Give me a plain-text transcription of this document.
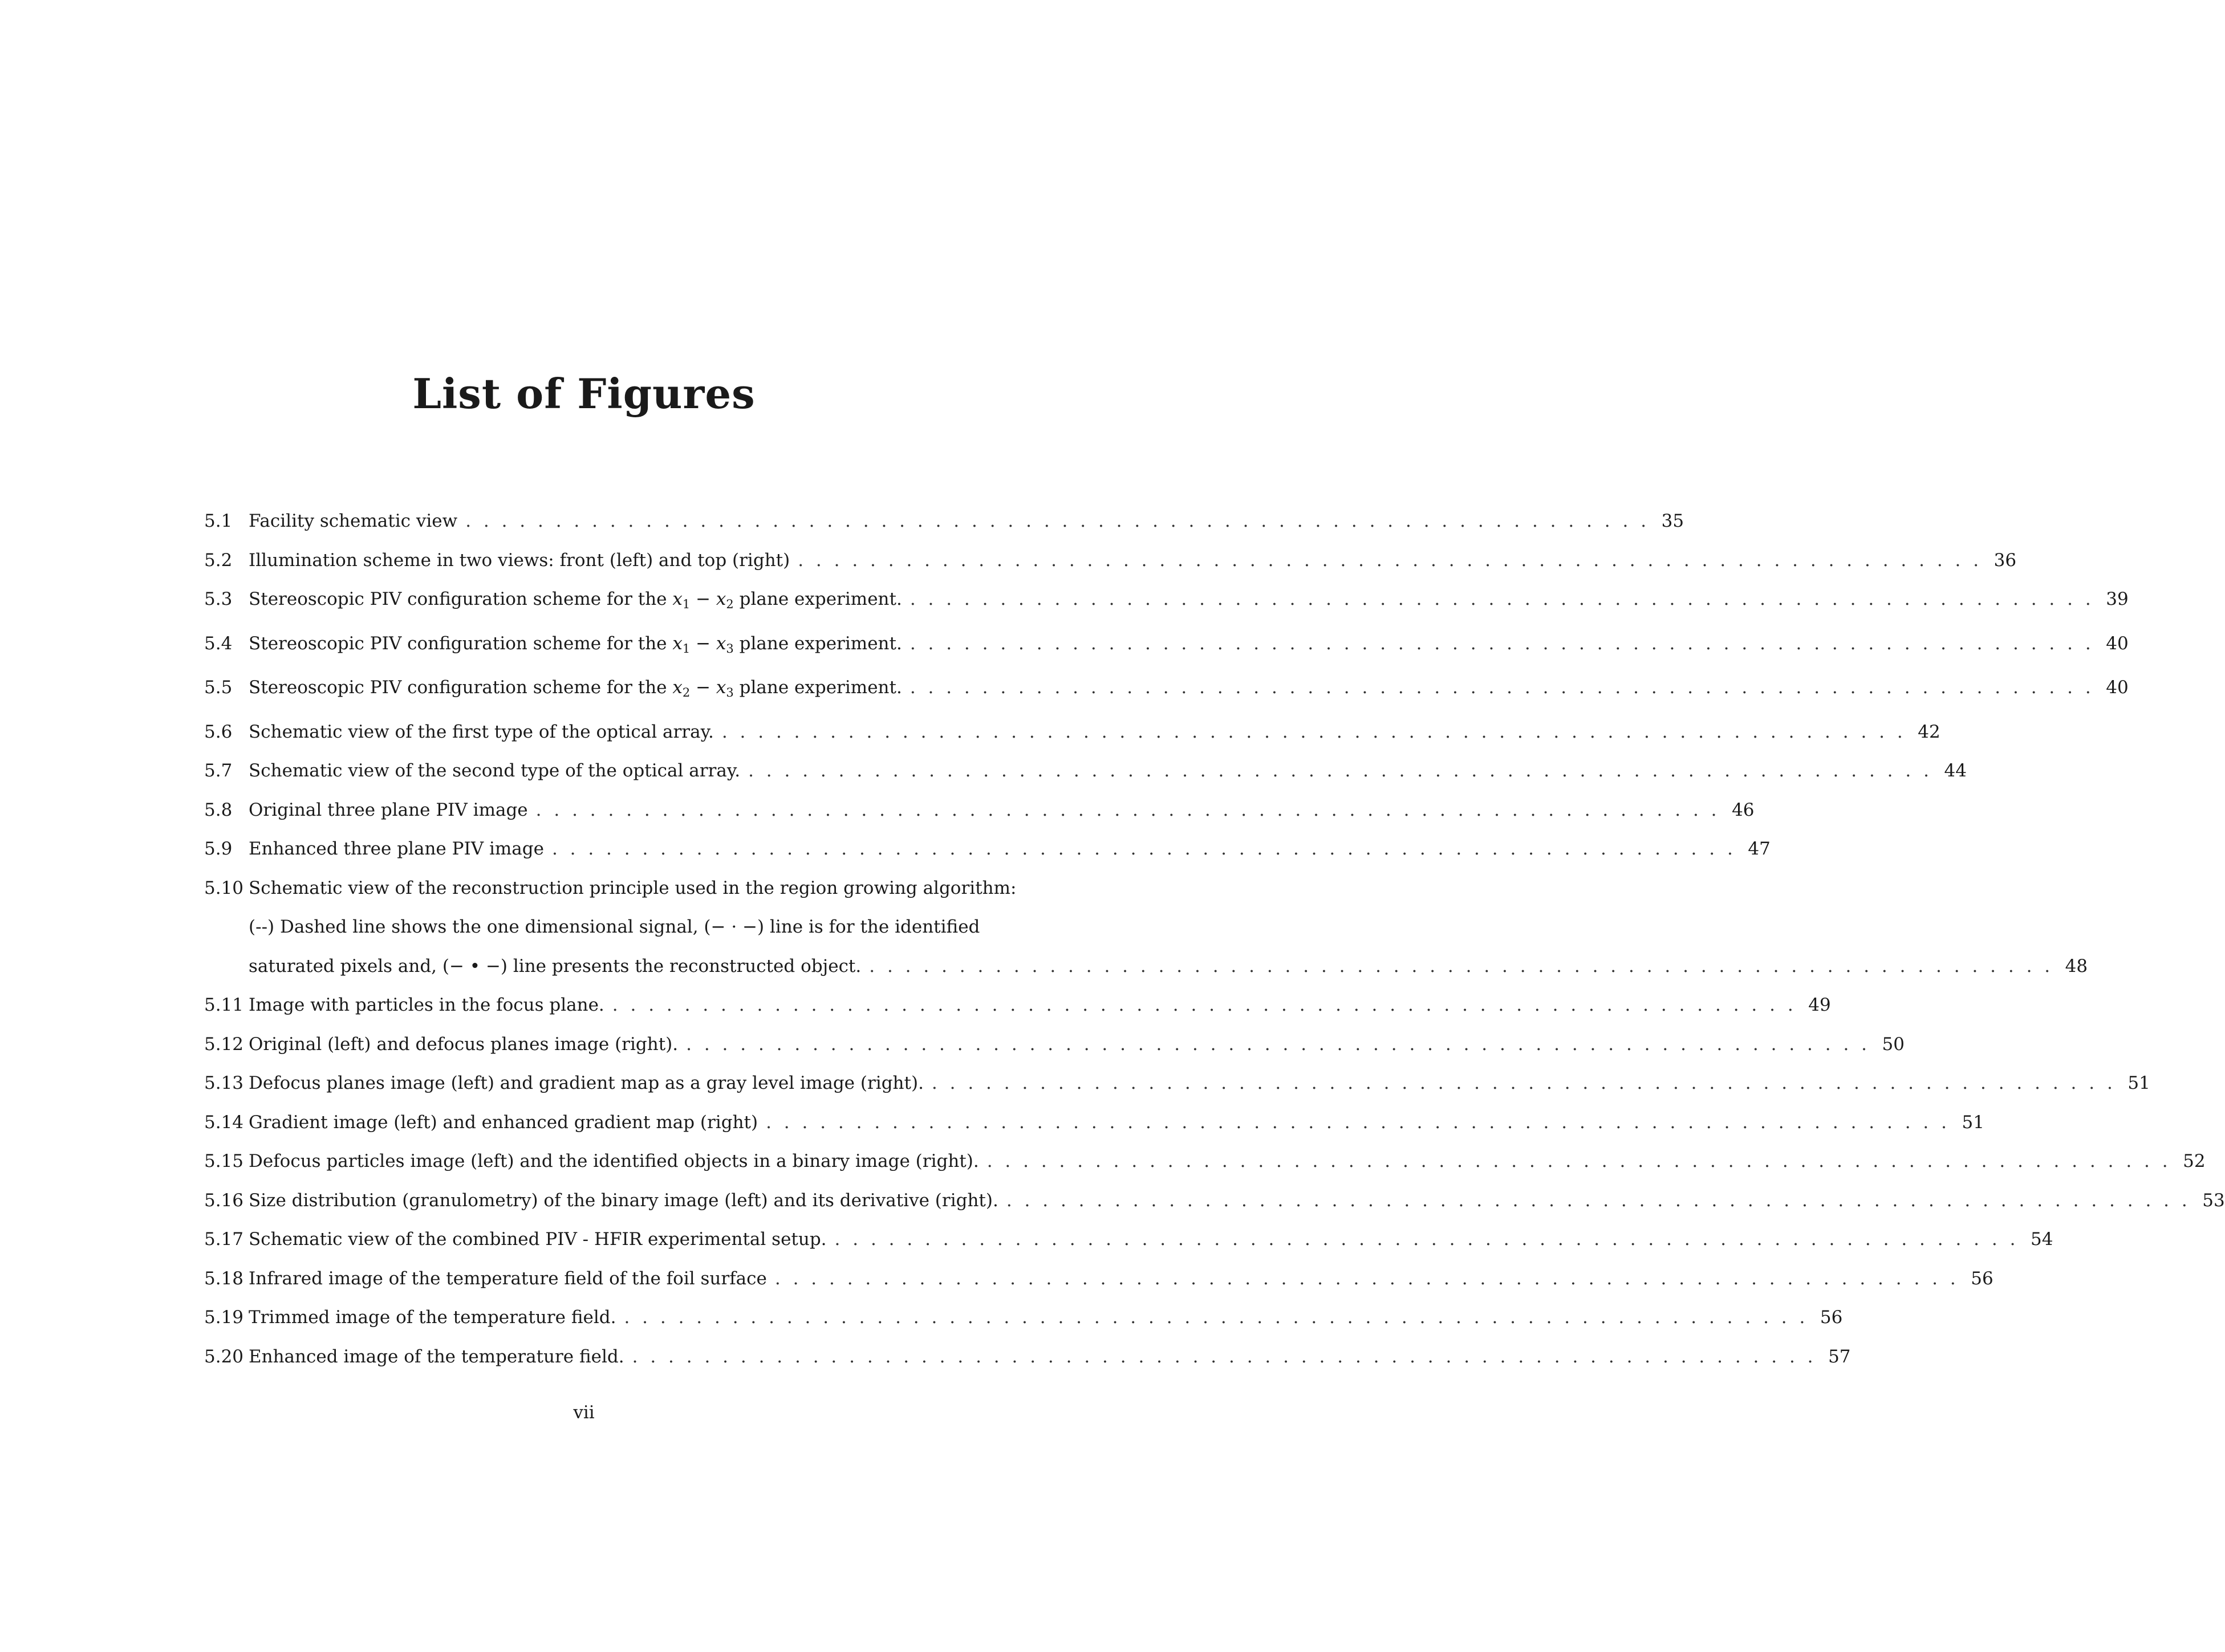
List of Figures
5.1 Facility schematic view . . . . . . . . . . . . . . . . . . . . . . . . . . . . . . . . . . . . . . . . . . . . . . . . . . . . . . . . . . . . . . . . . . 35
5.2 Illumination scheme in two views: front (left) and top (right) . . . . . . . . . . . . . . . . . . . . . . . . . . . . . . . . . . . . . . . . . . . . . . . . . . . . . . . . . . . . . . . . . . 36
5.3 Stereoscopic PIV configuration scheme for the $x_1 - x_2$ plane experiment. . . . . . . . . . . . . . . . . . . . . . . . . . . . . . . . . . . . . . . . . . . . . . . . . . . . . . . . . . . . . . . . . . . 39
5.4 Stereoscopic PIV configuration scheme for the $x_1 - x_3$ plane experiment. . . . . . . . . . . . . . . . . . . . . . . . . . . . . . . . . . . . . . . . . . . . . . . . . . . . . . . . . . . . . . . . . . . 40
5.5 Stereoscopic PIV configuration scheme for the $x_2 - x_3$ plane experiment. . . . . . . . . . . . . . . . . . . . . . . . . . . . . . . . . . . . . . . . . . . . . . . . . . . . . . . . . . . . . . . . . . . 40
5.6 Schematic view of the first type of the optical array. . . . . . . . . . . . . . . . . . . . . . . . . . . . . . . . . . . . . . . . . . . . . . . . . . . . . . . . . . . . . . . . . . . 42
5.7 Schematic view of the second type of the optical array. . . . . . . . . . . . . . . . . . . . . . . . . . . . . . . . . . . . . . . . . . . . . . . . . . . . . . . . . . . . . . . . . . . 44
5.8 Original three plane PIV image . . . . . . . . . . . . . . . . . . . . . . . . . . . . . . . . . . . . . . . . . . . . . . . . . . . . . . . . . . . . . . . . . . 46
5.9 Enhanced three plane PIV image . . . . . . . . . . . . . . . . . . . . . . . . . . . . . . . . . . . . . . . . . . . . . . . . . . . . . . . . . . . . . . . . . . 47
5.10 Schematic view of the reconstruction principle used in the region growing algorithm:
(--) Dashed line shows the one dimensional signal, (− · −) line is for the identified
saturated pixels and, (− • −) line presents the reconstructed object. . . . . . . . . . . . . . . . . . . . . . . . . . . . . . . . . . . . . . . . . . . . . . . . . . . . . . . . . . . . . . . . . . . 48
5.11 Image with particles in the focus plane. . . . . . . . . . . . . . . . . . . . . . . . . . . . . . . . . . . . . . . . . . . . . . . . . . . . . . . . . . . . . . . . . . . 49
5.12 Original (left) and defocus planes image (right). . . . . . . . . . . . . . . . . . . . . . . . . . . . . . . . . . . . . . . . . . . . . . . . . . . . . . . . . . . . . . . . . . . 50
5.13 Defocus planes image (left) and gradient map as a gray level image (right). . . . . . . . . . . . . . . . . . . . . . . . . . . . . . . . . . . . . . . . . . . . . . . . . . . . . . . . . . . . . . . . . . . 51
5.14 Gradient image (left) and enhanced gradient map (right) . . . . . . . . . . . . . . . . . . . . . . . . . . . . . . . . . . . . . . . . . . . . . . . . . . . . . . . . . . . . . . . . . . 51
5.15 Defocus particles image (left) and the identified objects in a binary image (right). . . . . . . . . . . . . . . . . . . . . . . . . . . . . . . . . . . . . . . . . . . . . . . . . . . . . . . . . . . . . . . . . . . 52
5.16 Size distribution (granulometry) of the binary image (left) and its derivative (right). . . . . . . . . . . . . . . . . . . . . . . . . . . . . . . . . . . . . . . . . . . . . . . . . . . . . . . . . . . . . . . . . . . 53
5.17 Schematic view of the combined PIV - HFIR experimental setup. . . . . . . . . . . . . . . . . . . . . . . . . . . . . . . . . . . . . . . . . . . . . . . . . . . . . . . . . . . . . . . . . . . 54
5.18 Infrared image of the temperature field of the foil surface . . . . . . . . . . . . . . . . . . . . . . . . . . . . . . . . . . . . . . . . . . . . . . . . . . . . . . . . . . . . . . . . . . 56
5.19 Trimmed image of the temperature field. . . . . . . . . . . . . . . . . . . . . . . . . . . . . . . . . . . . . . . . . . . . . . . . . . . . . . . . . . . . . . . . . . . 56
5.20 Enhanced image of the temperature field. . . . . . . . . . . . . . . . . . . . . . . . . . . . . . . . . . . . . . . . . . . . . . . . . . . . . . . . . . . . . . . . . . . 57
vii
